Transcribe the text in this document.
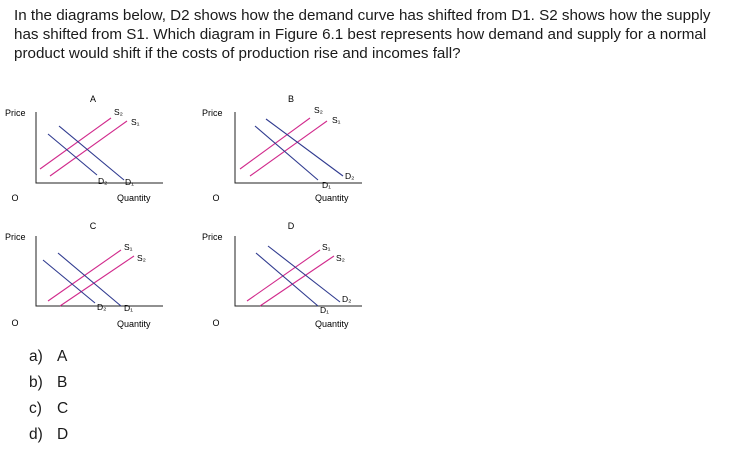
In the diagrams below, D2 shows how the demand curve has shifted from D1. S2 shows how the supply has shifted from S1. Which diagram in Figure 6.1 best represents how demand and supply for a normal product would shift if the costs of production rise and incomes fall?

A
Price
O
S₂
S₁
D₂ D₁
Quantity
B
Price
O
S₂
S₁
D₂
D₁
Quantity
C
Price
O
S₁
S₂
D₂ D₁
Quantity
D
Price
O
S₁
S₂
D₂
D₁
Quantity
a) A
b) B
c) C
d) D
